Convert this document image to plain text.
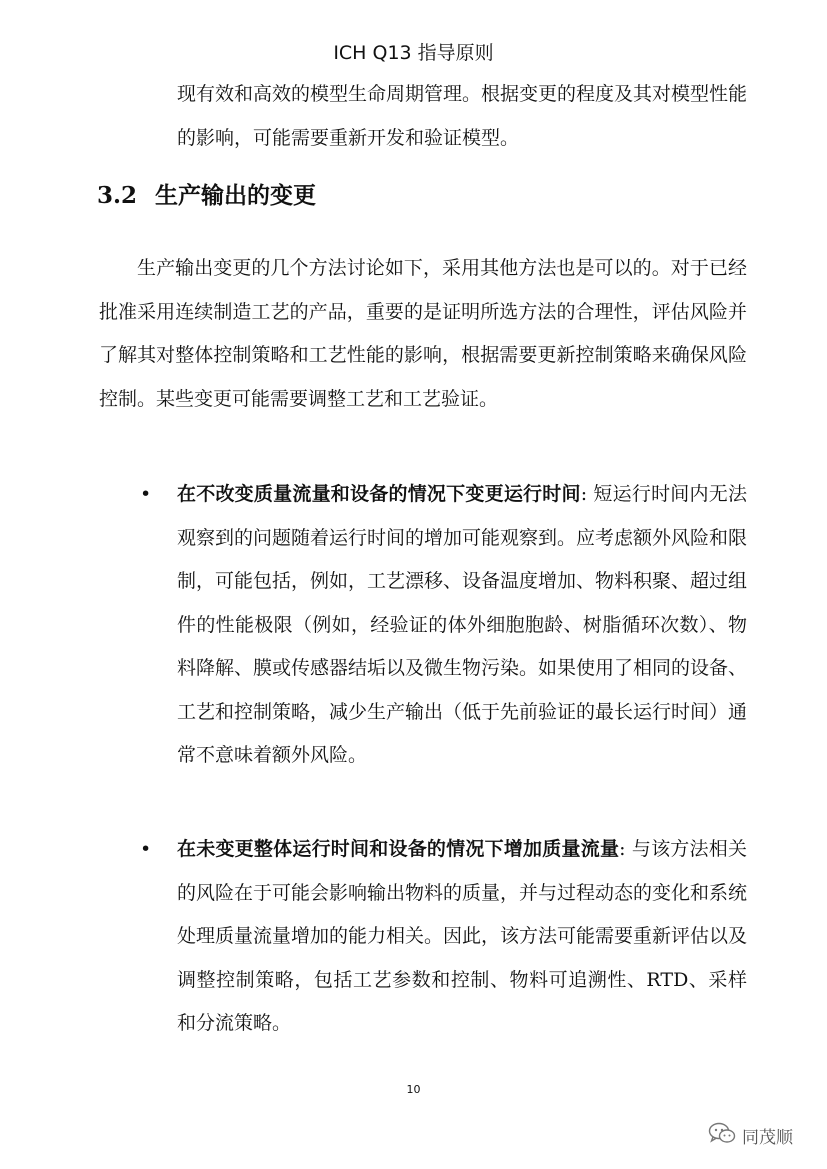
ICH Q13 指导原则

现有效和高效的模型生命周期管理。根据变更的程度及其对模型性能的影响，可能需要重新开发和验证模型。

3.2 生产输出的变更

生产输出变更的几个方法讨论如下，采用其他方法也是可以的。对于已经批准采用连续制造工艺的产品，重要的是证明所选方法的合理性，评估风险并了解其对整体控制策略和工艺性能的影响，根据需要更新控制策略来确保风险控制。某些变更可能需要调整工艺和工艺验证。

• 在不改变质量流量和设备的情况下变更运行时间: 短运行时间内无法观察到的问题随着运行时间的增加可能观察到。应考虑额外风险和限制，可能包括，例如，工艺漂移、设备温度增加、物料积聚、超过组件的性能极限（例如，经验证的体外细胞胞龄、树脂循环次数）、物料降解、膜或传感器结垢以及微生物污染。如果使用了相同的设备、工艺和控制策略，减少生产输出（低于先前验证的最长运行时间）通常不意味着额外风险。

• 在未变更整体运行时间和设备的情况下增加质量流量: 与该方法相关的风险在于可能会影响输出物料的质量，并与过程动态的变化和系统处理质量流量增加的能力相关。因此，该方法可能需要重新评估以及调整控制策略，包括工艺参数和控制、物料可追溯性、RTD、采样和分流策略。

10
同茂顺
